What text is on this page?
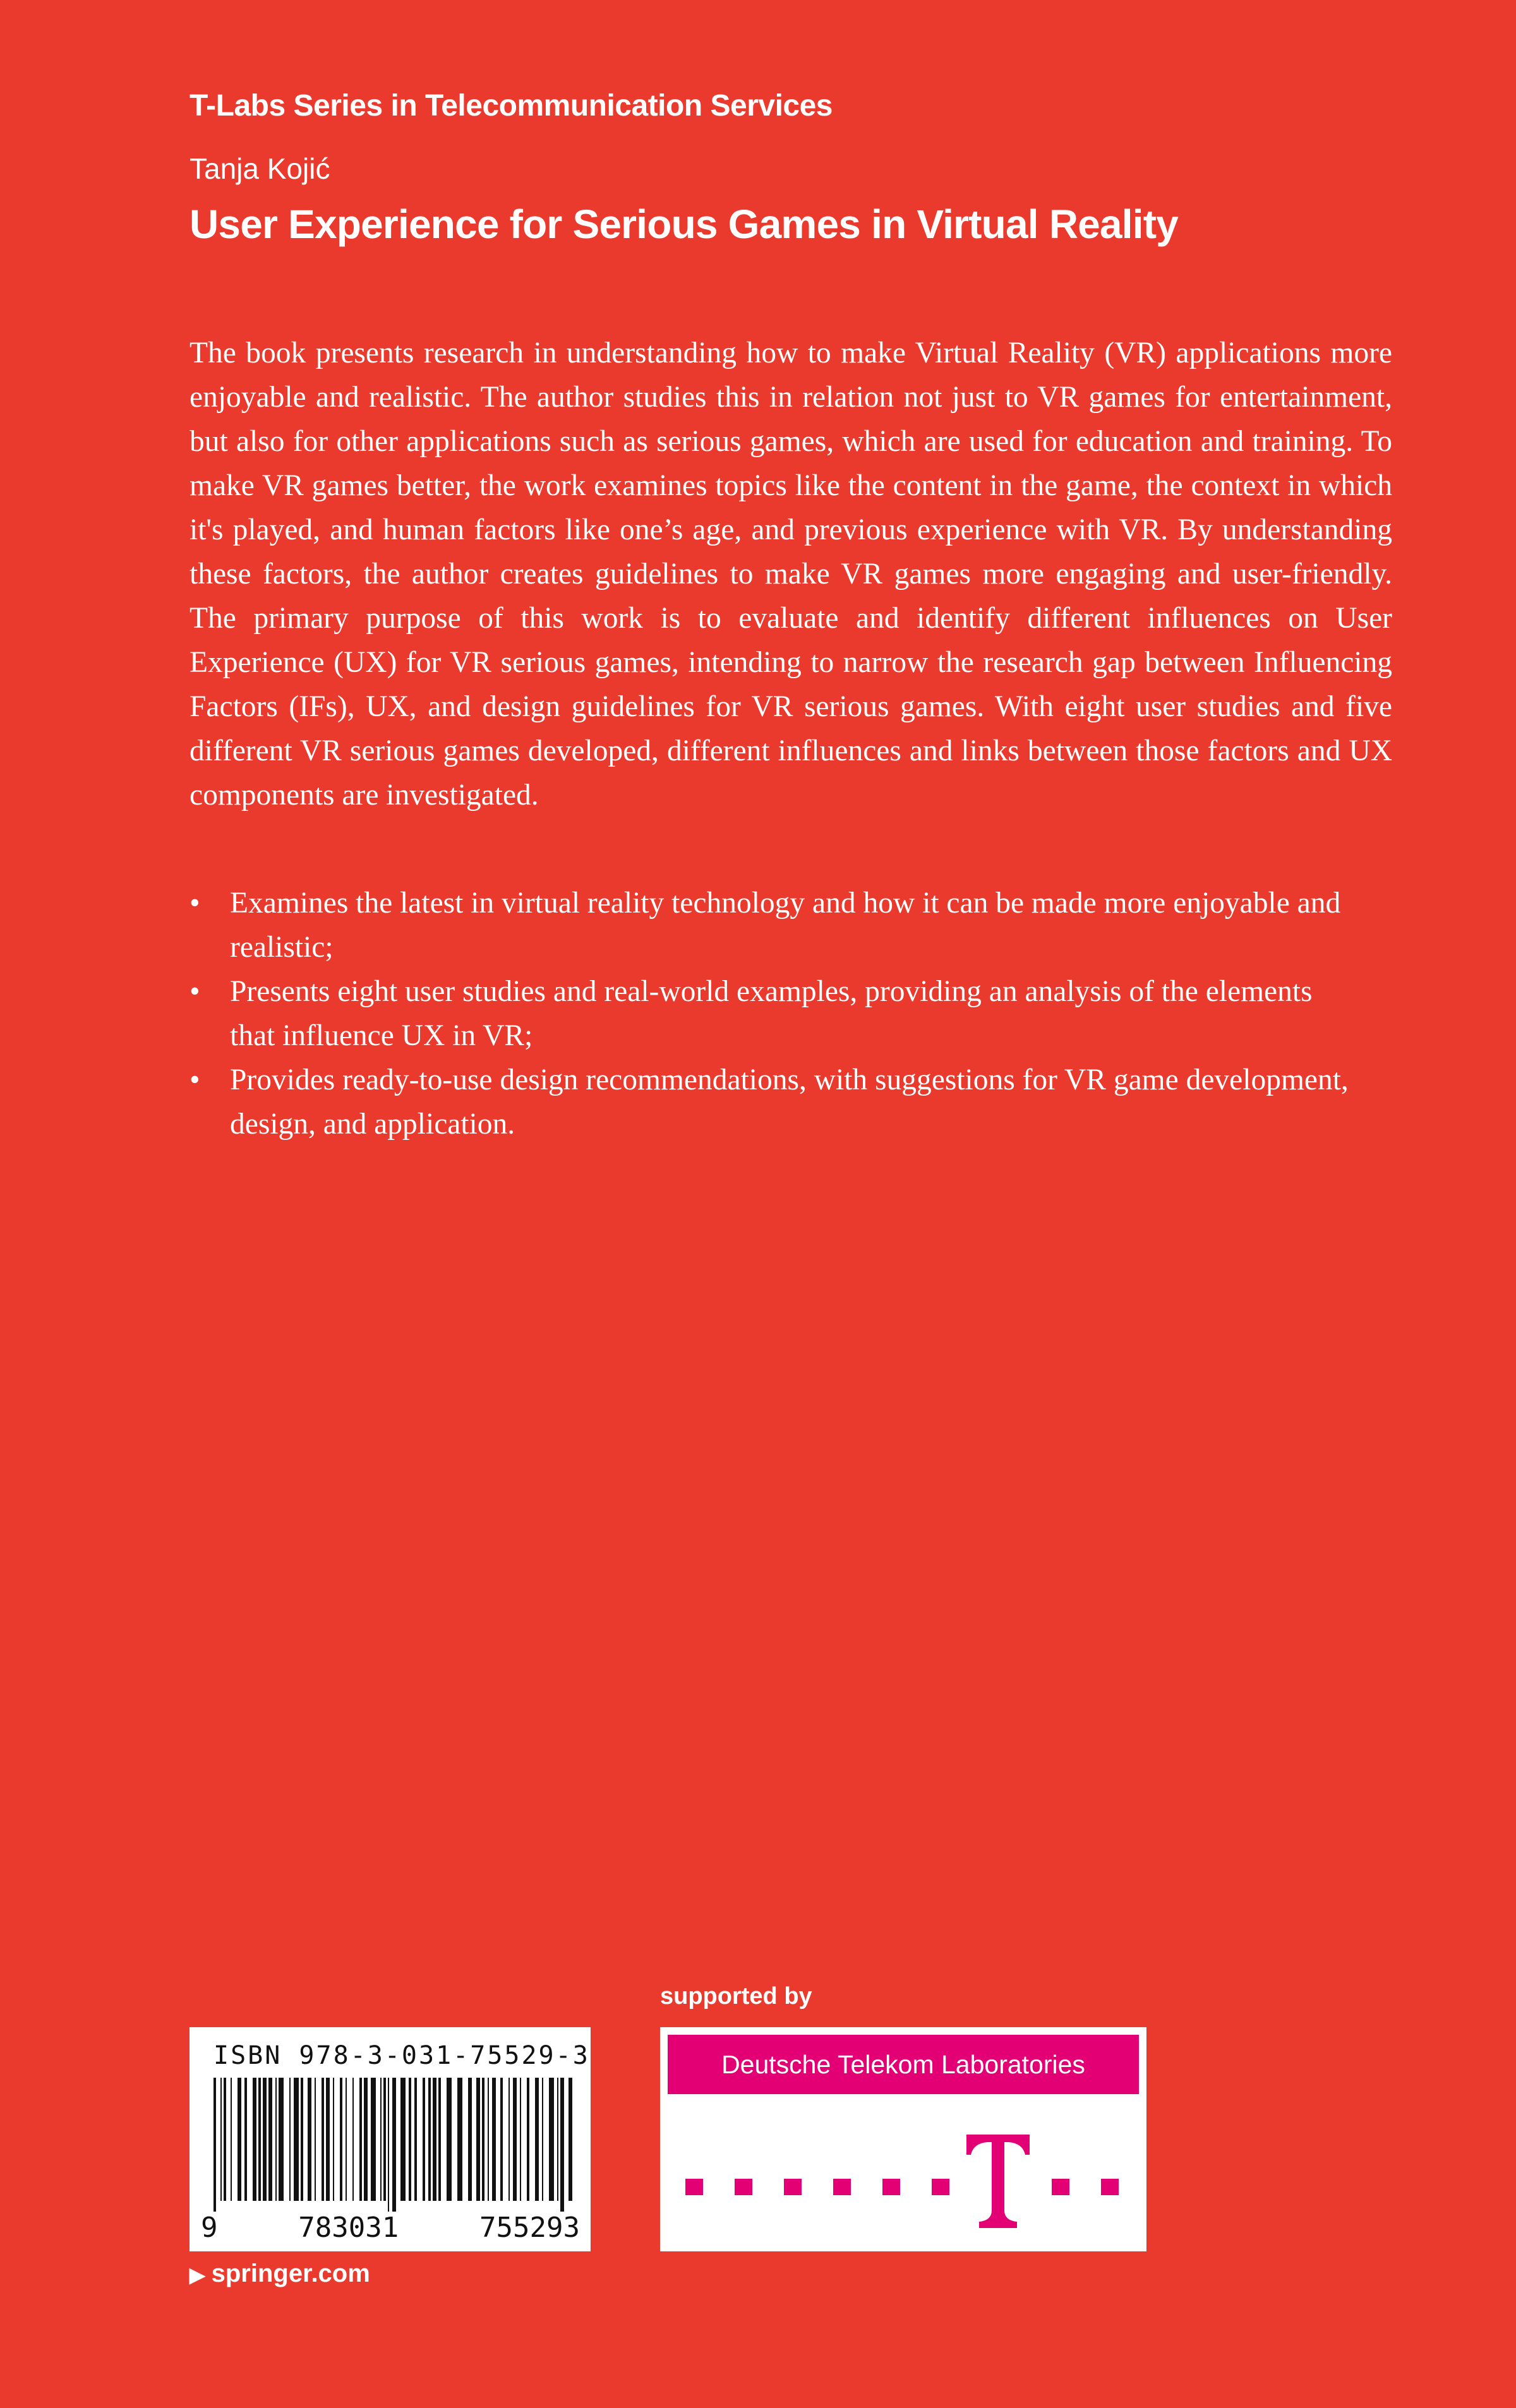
T-Labs Series in Telecommunication Services
Tanja Kojić
User Experience for Serious Games in Virtual Reality

The book presents research in understanding how to make Virtual Reality (VR) applications more enjoyable and realistic. The author studies this in relation not just to VR games for entertainment, but also for other applications such as serious games, which are used for education and training. To make VR games better, the work examines topics like the content in the game, the context in which it's played, and human factors like one’s age, and previous experience with VR. By understanding these factors, the author creates guidelines to make VR games more engaging and user-friendly. The primary purpose of this work is to evaluate and identify different influences on User Experience (UX) for VR serious games, intending to narrow the research gap between Influencing Factors (IFs), UX, and design guidelines for VR serious games. With eight user studies and five different VR serious games developed, different influences and links between those factors and UX components are investigated.

• Examines the latest in virtual reality technology and how it can be made more enjoyable and realistic;
• Presents eight user studies and real-world examples, providing an analysis of the elements that influence UX in VR;
• Provides ready-to-use design recommendations, with suggestions for VR game development, design, and application.
supported by
ISBN 978-3-031-75529-3
9	783031	755293
▶ springer.com
Deutsche Telekom Laboratories
